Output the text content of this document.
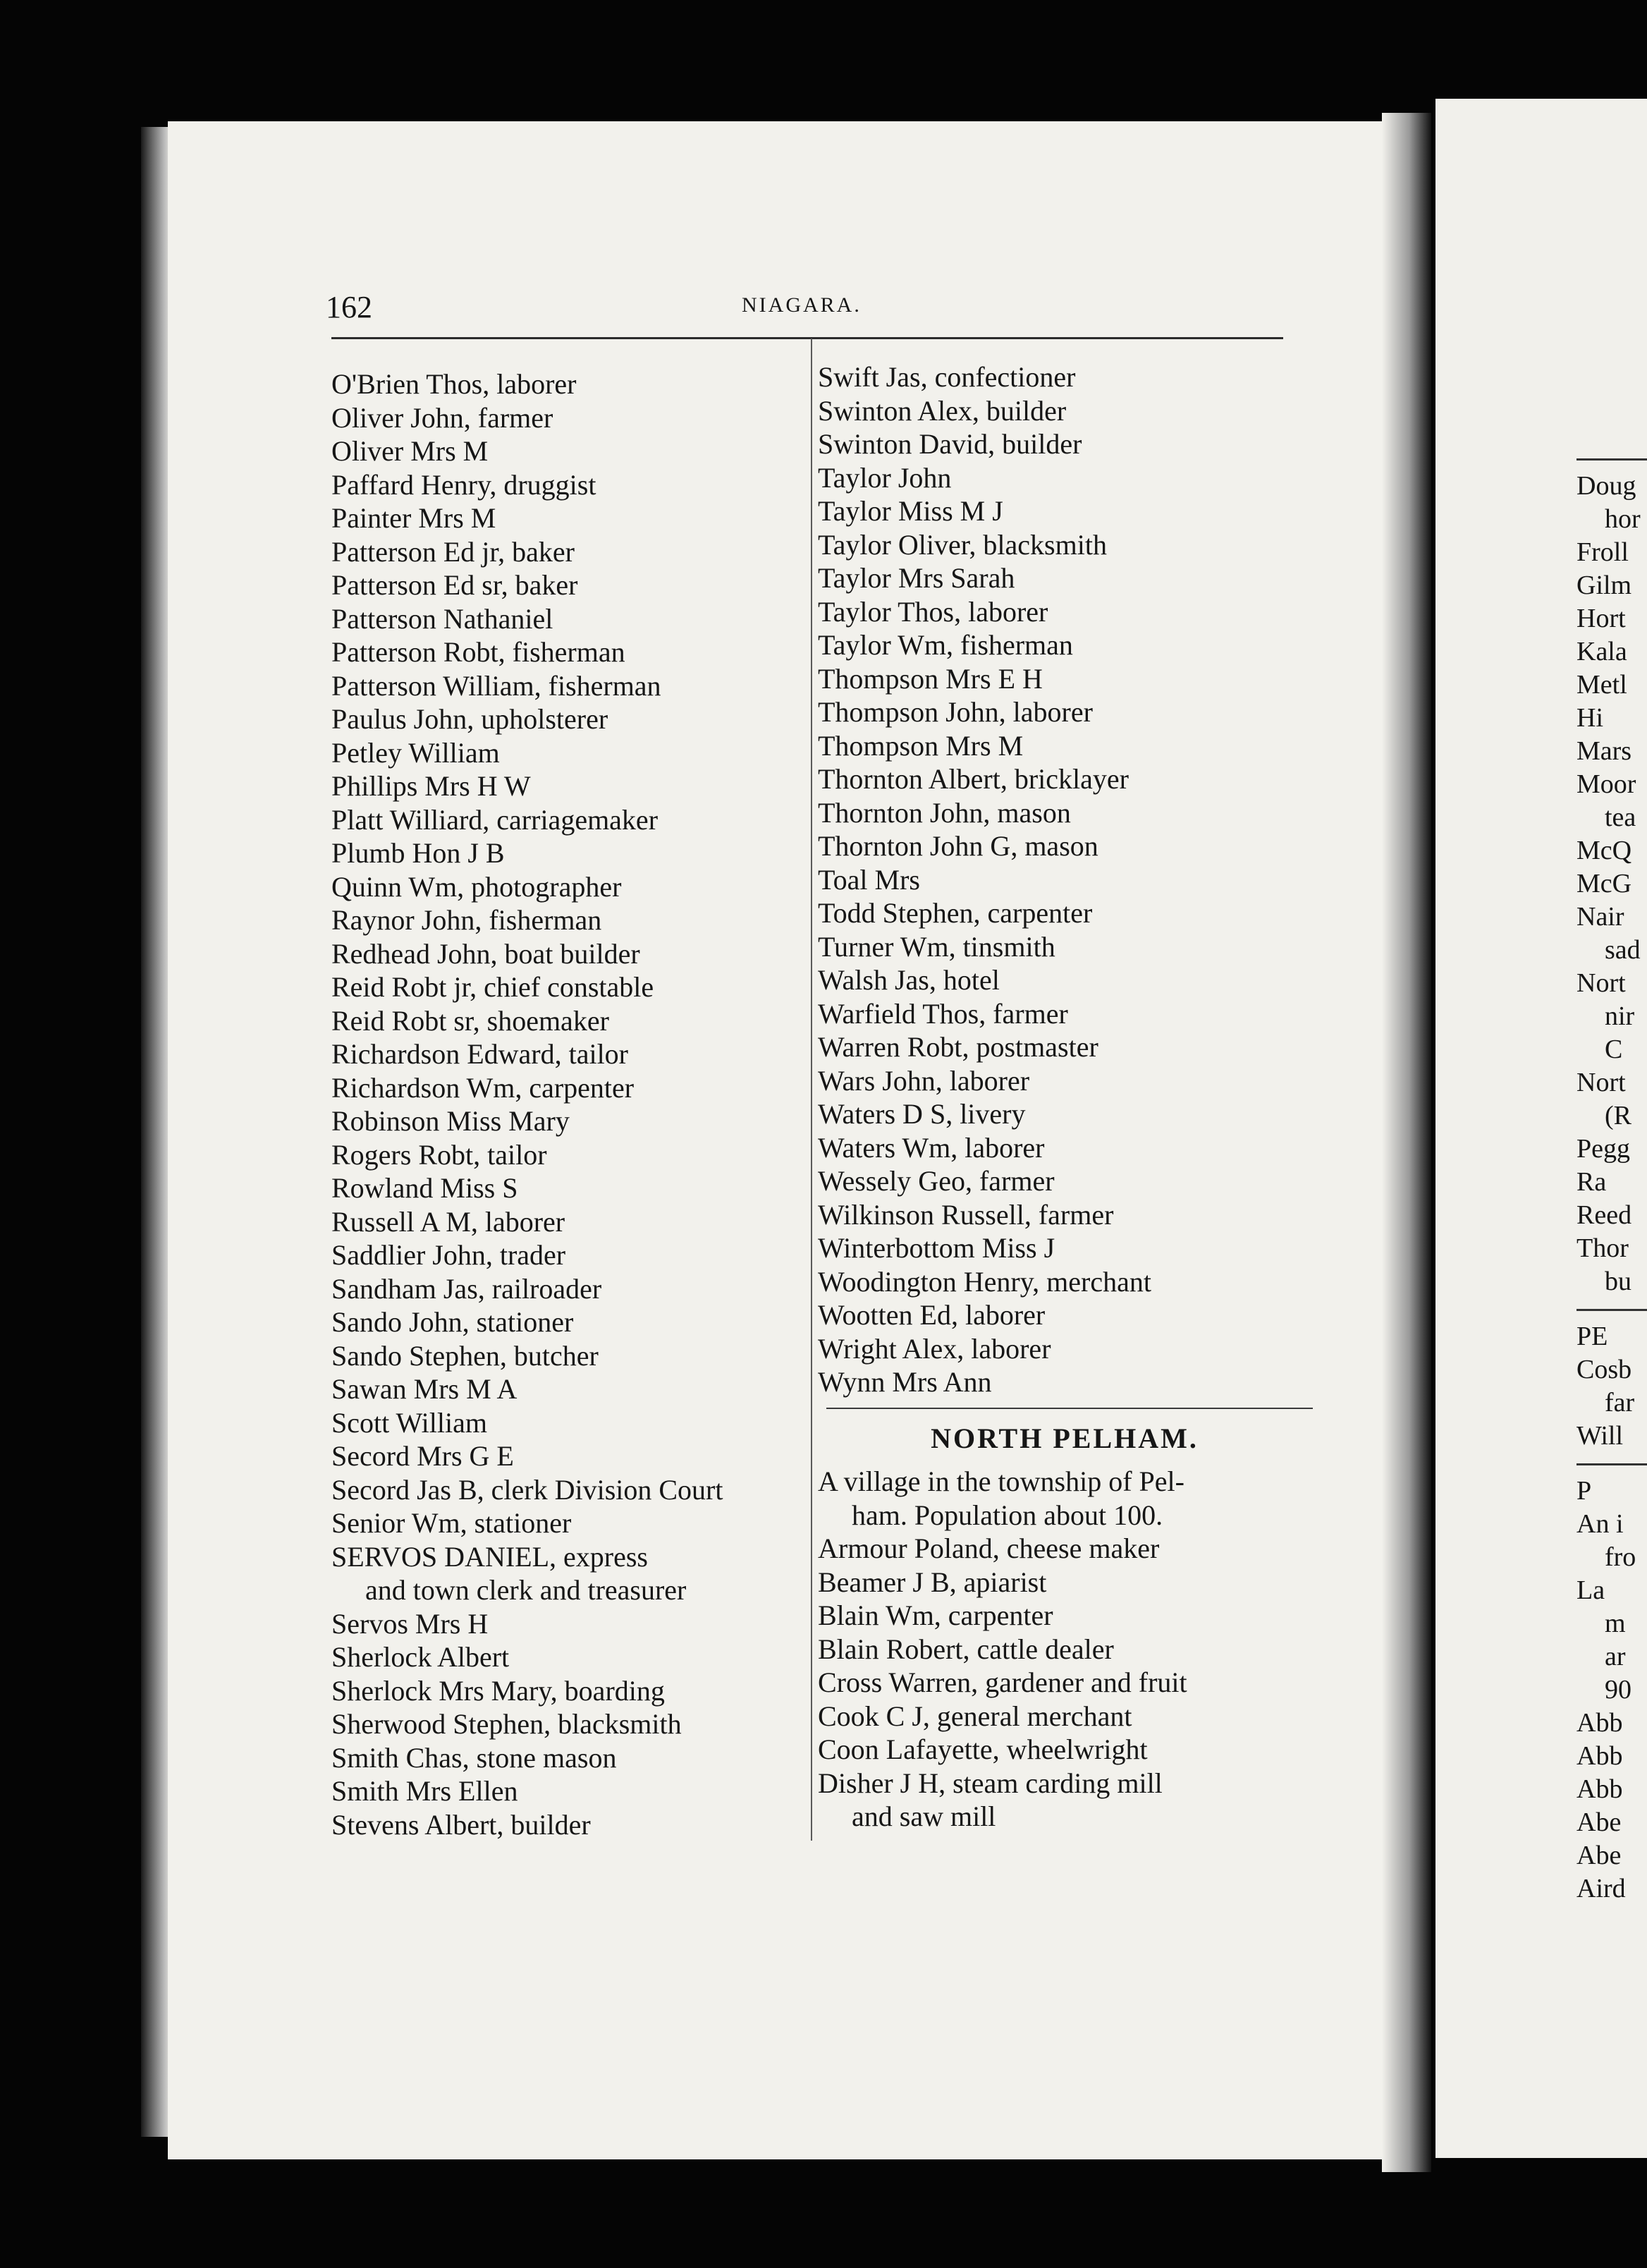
Doug
hor
Froll
Gilm
Hort
Kala
Metl
Hi
Mars
Moor
tea
McQ
McG
Nair
sad
Nort
nir
C
Nort
(R
Pegg
Ra
Reed
Thor
bu
PE
Cosb
far
Will
P
An i
fro
La
m
ar
90
Abb
Abb
Abb
Abe
Abe
Aird
162	NIAGARA.
O'Brien Thos, laborer
Oliver John, farmer
Oliver Mrs M
Paffard Henry, druggist
Painter Mrs M
Patterson Ed jr, baker
Patterson Ed sr, baker
Patterson Nathaniel
Patterson Robt, fisherman
Patterson William, fisherman
Paulus John, upholsterer
Petley William
Phillips Mrs H W
Platt Williard, carriagemaker
Plumb Hon J B
Quinn Wm, photographer
Raynor John, fisherman
Redhead John, boat builder
Reid Robt jr, chief constable
Reid Robt sr, shoemaker
Richardson Edward, tailor
Richardson Wm, carpenter
Robinson Miss Mary
Rogers Robt, tailor
Rowland Miss S
Russell A M, laborer
Saddlier John, trader
Sandham Jas, railroader
Sando John, stationer
Sando Stephen, butcher
Sawan Mrs M A
Scott William
Secord Mrs G E
Secord Jas B, clerk Division Court
Senior Wm, stationer
SERVOS DANIEL, express
and town clerk and treasurer
Servos Mrs H
Sherlock Albert
Sherlock Mrs Mary, boarding
Sherwood Stephen, blacksmith
Smith Chas, stone mason
Smith Mrs Ellen
Stevens Albert, builder
Swift Jas, confectioner
Swinton Alex, builder
Swinton David, builder
Taylor John
Taylor Miss M J
Taylor Oliver, blacksmith
Taylor Mrs Sarah
Taylor Thos, laborer
Taylor Wm, fisherman
Thompson Mrs E H
Thompson John, laborer
Thompson Mrs M
Thornton Albert, bricklayer
Thornton John, mason
Thornton John G, mason
Toal Mrs
Todd Stephen, carpenter
Turner Wm, tinsmith
Walsh Jas, hotel
Warfield Thos, farmer
Warren Robt, postmaster
Wars John, laborer
Waters D S, livery
Waters Wm, laborer
Wessely Geo, farmer
Wilkinson Russell, farmer
Winterbottom Miss J
Woodington Henry, merchant
Wootten Ed, laborer
Wright Alex, laborer
Wynn Mrs Ann
NORTH PELHAM.
A village in the township of Pel-
ham. Population about 100.
Armour Poland, cheese maker
Beamer J B, apiarist
Blain Wm, carpenter
Blain Robert, cattle dealer
Cross Warren, gardener and fruit
Cook C J, general merchant
Coon Lafayette, wheelwright
Disher J H, steam carding mill
and saw mill
